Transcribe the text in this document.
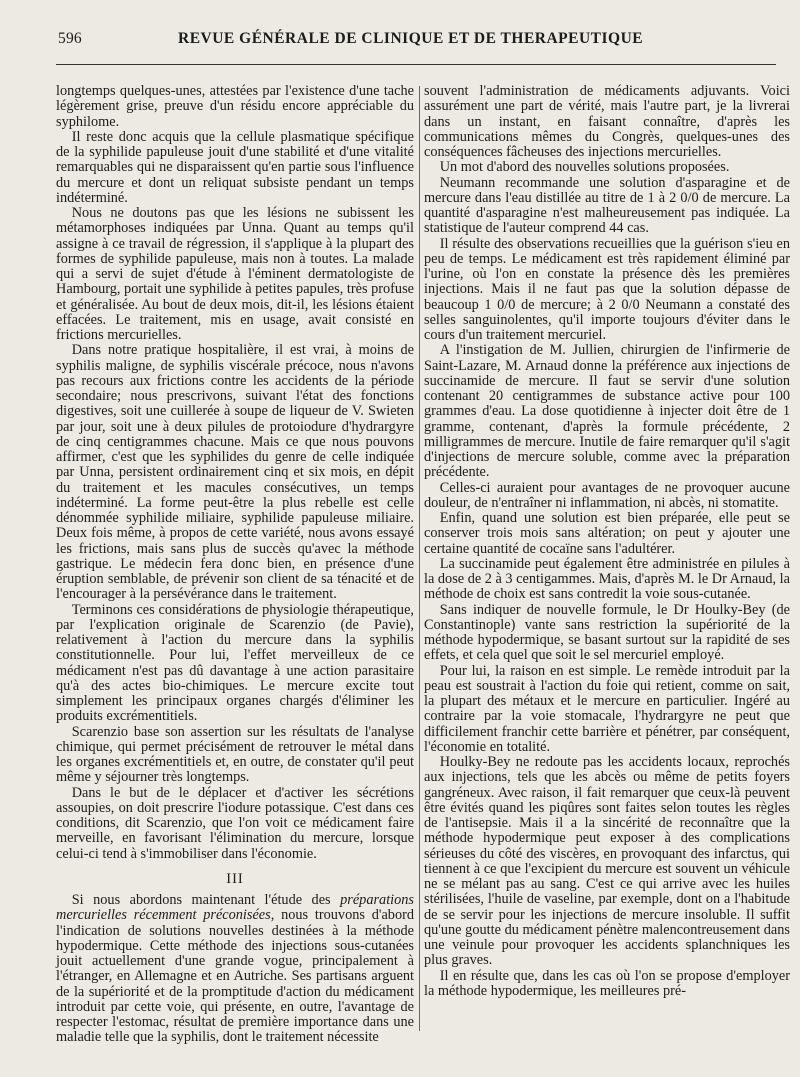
596	REVUE GÉNÉRALE DE CLINIQUE ET DE THERAPEUTIQUE

longtemps quelques-unes, attestées par l'existence d'une tache légèrement grise, preuve d'un résidu encore appréciable du syphilome.

Il reste donc acquis que la cellule plasmatique spécifique de la syphilide papuleuse jouit d'une stabilité et d'une vitalité remarquables qui ne disparaissent qu'en partie sous l'influence du mercure et dont un reliquat subsiste pendant un temps indéterminé.

Nous ne doutons pas que les lésions ne subissent les métamorphoses indiquées par Unna. Quant au temps qu'il assigne à ce travail de régression, il s'applique à la plupart des formes de syphilide papuleuse, mais non à toutes. La malade qui a servi de sujet d'étude à l'éminent dermatologiste de Hambourg, portait une syphilide à petites papules, très profuse et généralisée. Au bout de deux mois, dit-il, les lésions étaient effacées. Le traitement, mis en usage, avait consisté en frictions mercurielles.

Dans notre pratique hospitalière, il est vrai, à moins de syphilis maligne, de syphilis viscérale précoce, nous n'avons pas recours aux frictions contre les accidents de la période secondaire; nous prescrivons, suivant l'état des fonctions digestives, soit une cuillerée à soupe de liqueur de V. Swieten par jour, soit une à deux pilules de protoiodure d'hydrargyre de cinq centigrammes chacune. Mais ce que nous pouvons affirmer, c'est que les syphilides du genre de celle indiquée par Unna, persistent ordinairement cinq et six mois, en dépit du traitement et les macules consécutives, un temps indéterminé. La forme peut-être la plus rebelle est celle dénommée syphilide miliaire, syphilide papuleuse miliaire. Deux fois même, à propos de cette variété, nous avons essayé les frictions, mais sans plus de succès qu'avec la méthode gastrique. Le médecin fera donc bien, en présence d'une éruption semblable, de prévenir son client de sa ténacité et de l'encourager à la persévérance dans le traitement.

Terminons ces considérations de physiologie thérapeutique, par l'explication originale de Scarenzio (de Pavie), relativement à l'action du mercure dans la syphilis constitutionnelle. Pour lui, l'effet merveilleux de ce médicament n'est pas dû davantage à une action parasitaire qu'à des actes bio-chimiques. Le mercure excite tout simplement les principaux organes chargés d'éliminer les produits excrémentitiels.

Scarenzio base son assertion sur les résultats de l'analyse chimique, qui permet précisément de retrouver le métal dans les organes excrémentitiels et, en outre, de constater qu'il peut même y séjourner très longtemps.

Dans le but de le déplacer et d'activer les sécrétions assoupies, on doit prescrire l'iodure potassique. C'est dans ces conditions, dit Scarenzio, que l'on voit ce médicament faire merveille, en favorisant l'élimination du mercure, lorsque celui-ci tend à s'immobiliser dans l'économie.

III

Si nous abordons maintenant l'étude des préparations mercurielles récemment préconisées, nous trouvons d'abord l'indication de solutions nouvelles destinées à la méthode hypodermique. Cette méthode des injections sous-cutanées jouit actuellement d'une grande vogue, principalement à l'étranger, en Allemagne et en Autriche. Ses partisans arguent de la supériorité et de la promptitude d'action du médicament introduit par cette voie, qui présente, en outre, l'avantage de respecter l'estomac, résultat de première importance dans une maladie telle que la syphilis, dont le traitement nécessite

souvent l'administration de médicaments adjuvants. Voici assurément une part de vérité, mais l'autre part, je la livrerai dans un instant, en faisant connaître, d'après les communications mêmes du Congrès, quelques-unes des conséquences fâcheuses des injections mercurielles.

Un mot d'abord des nouvelles solutions proposées.

Neumann recommande une solution d'asparagine et de mercure dans l'eau distillée au titre de 1 à 2 0/0 de mercure. La quantité d'asparagine n'est malheureusement pas indiquée. La statistique de l'auteur comprend 44 cas.

Il résulte des observations recueillies que la guérison s'ieu en peu de temps. Le médicament est très rapidement éliminé par l'urine, où l'on en constate la présence dès les premières injections. Mais il ne faut pas que la solution dépasse de beaucoup 1 0/0 de mercure; à 2 0/0 Neumann a constaté des selles sanguinolentes, qu'il importe toujours d'éviter dans le cours d'un traitement mercuriel.

A l'instigation de M. Jullien, chirurgien de l'infirmerie de Saint-Lazare, M. Arnaud donne la préférence aux injections de succinamide de mercure. Il faut se servir d'une solution contenant 20 centigrammes de substance active pour 100 grammes d'eau. La dose quotidienne à injecter doit être de 1 gramme, contenant, d'après la formule précédente, 2 milligrammes de mercure. Inutile de faire remarquer qu'il s'agit d'injections de mercure soluble, comme avec la préparation précédente.

Celles-ci auraient pour avantages de ne provoquer aucune douleur, de n'entraîner ni inflammation, ni abcès, ni stomatite.

Enfin, quand une solution est bien préparée, elle peut se conserver trois mois sans altération; on peut y ajouter une certaine quantité de cocaïne sans l'adultérer.

La succinamide peut également être administrée en pilules à la dose de 2 à 3 centigammes. Mais, d'après M. le Dr Arnaud, la méthode de choix est sans contredit la voie sous-cutanée.

Sans indiquer de nouvelle formule, le Dr Houlky-Bey (de Constantinople) vante sans restriction la supériorité de la méthode hypodermique, se basant surtout sur la rapidité de ses effets, et cela quel que soit le sel mercuriel employé.

Pour lui, la raison en est simple. Le remède introduit par la peau est soustrait à l'action du foie qui retient, comme on sait, la plupart des métaux et le mercure en particulier. Ingéré au contraire par la voie stomacale, l'hydrargyre ne peut que difficilement franchir cette barrière et pénétrer, par conséquent, l'économie en totalité.

Houlky-Bey ne redoute pas les accidents locaux, reprochés aux injections, tels que les abcès ou même de petits foyers gangréneux. Avec raison, il fait remarquer que ceux-là peuvent être évités quand les piqûres sont faites selon toutes les règles de l'antisepsie. Mais il a la sincérité de reconnaître que la méthode hypodermique peut exposer à des complications sérieuses du côté des viscères, en provoquant des infarctus, qui tiennent à ce que l'excipient du mercure est souvent un véhicule ne se mélant pas au sang. C'est ce qui arrive avec les huiles stérilisées, l'huile de vaseline, par exemple, dont on a l'habitude de se servir pour les injections de mercure insoluble. Il suffit qu'une goutte du médicament pénètre malencontreusement dans une veinule pour provoquer les accidents splanchniques les plus graves.

Il en résulte que, dans les cas où l'on se propose d'employer la méthode hypodermique, les meilleures pré-
